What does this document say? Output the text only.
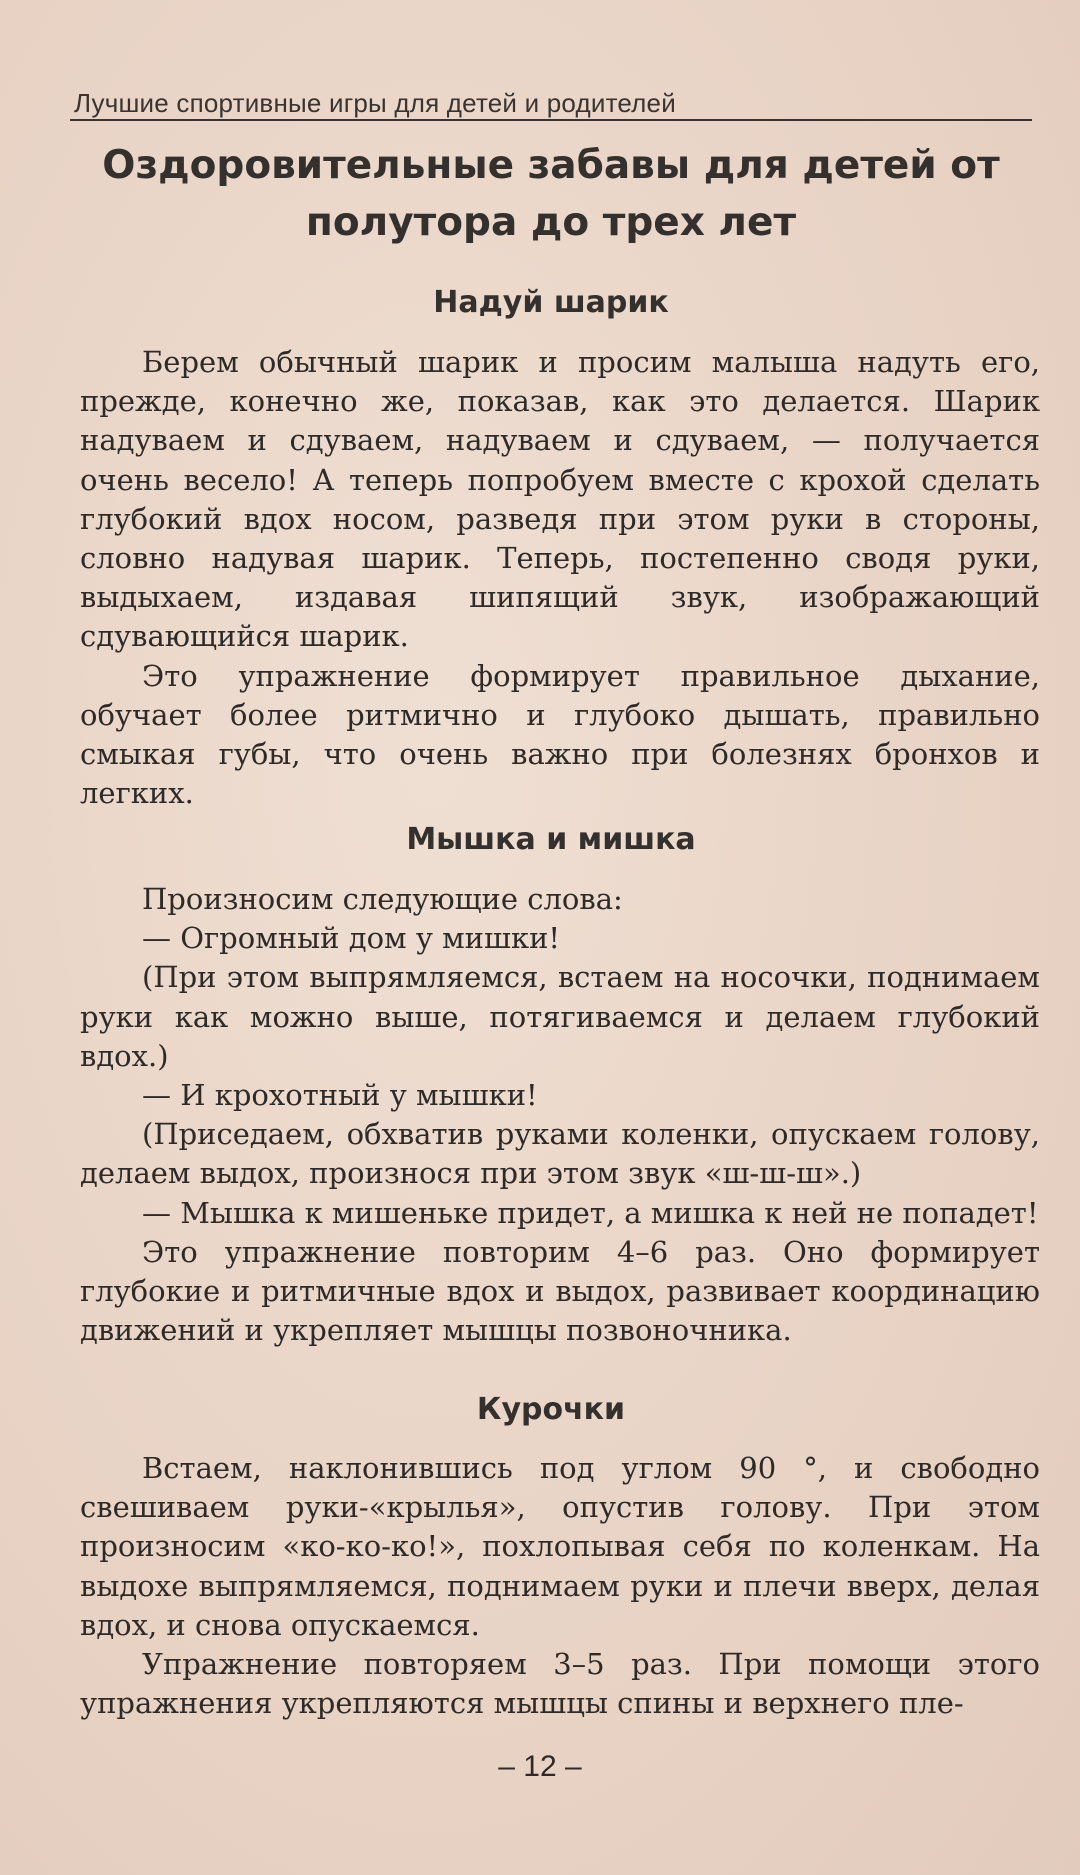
Лучшие спортивные игры для детей и родителей
Оздоровительные забавы для детей от полутора до трех лет
Надуй шарик

Берем обычный шарик и просим малыша надуть его, прежде, конечно же, показав, как это делается. Шарик надуваем и сдуваем, надуваем и сдуваем, — получается очень весело! А теперь попробуем вместе с крохой сделать глубокий вдох носом, разведя при этом руки в стороны, словно надувая шарик. Теперь, постепенно сводя руки, выдыхаем, издавая шипящий звук, изображающий сдувающийся шарик.

Это упражнение формирует правильное дыхание, обучает более ритмично и глубоко дышать, правильно смыкая губы, что очень важно при болезнях бронхов и легких.

Мышка и мишка

Произносим следующие слова:

— Огромный дом у мишки!

(При этом выпрямляемся, встаем на носочки, поднимаем руки как можно выше, потягиваемся и делаем глубокий вдох.)

— И крохотный у мышки!

(Приседаем, обхватив руками коленки, опускаем голову, делаем выдох, произнося при этом звук «ш-ш-ш».)

— Мышка к мишеньке придет, а мишка к ней не попадет!

Это упражнение повторим 4–6 раз. Оно формирует глубокие и ритмичные вдох и выдох, развивает координацию движений и укрепляет мышцы позвоночника.

Курочки

Встаем, наклонившись под углом 90 °, и свободно свешиваем руки-«крылья», опустив голову. При этом произносим «ко-ко-ко!», похлопывая себя по коленкам. На выдохе выпрямляемся, поднимаем руки и плечи вверх, делая вдох, и снова опускаемся.

Упражнение повторяем 3–5 раз. При помощи этого упражнения укрепляются мышцы спины и верхнего пле-

– 12 –
